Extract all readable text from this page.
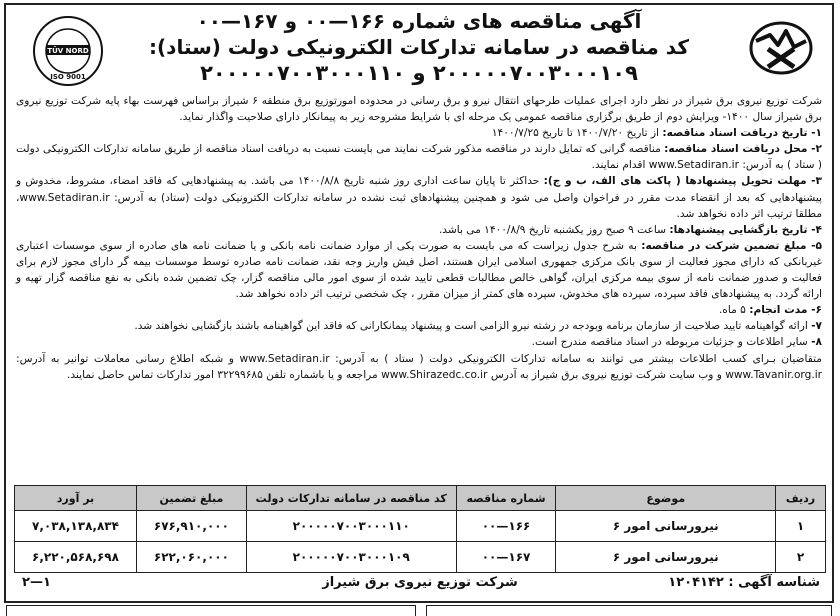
آگهی مناقصه های شماره ۱۶۶—۰۰ و ۱۶۷—۰۰
کد مناقصه در سامانه تدارکات الکترونیکی دولت (ستاد):
۲۰۰۰۰۰۷۰۰۳۰۰۰۱۰۹ و ۲۰۰۰۰۰۷۰۰۳۰۰۰۱۱۰
TÜV NORD
ISO 9001

شرکت توزیع نیروی برق شیراز در نظر دارد اجرای عملیات طرحهای انتقال نیرو و برق رسانی در محدوده امورتوزیع برق منطقه ۶ شیراز براساس فهرست بهاء پایه شرکت توزیع نیروی برق شیراز سال ۱۴۰۰- ویرایش دوم از طریق برگزاری مناقصه عمومی یک مرحله ای با شرایط مشروحه زیر به پیمانکار دارای صلاحیت واگذار نماید.

۱- تاریخ دریافت اسناد مناقصه: از تاریخ ۱۴۰۰/۷/۲۰ تا تاریخ ۱۴۰۰/۷/۲۵

۲- محل دریافت اسناد مناقصه: مناقصه گرانی که تمایل دارند در مناقصه مذکور شرکت نمایند می بایست نسبت به دریافت اسناد مناقصه از طریق سامانه تدارکات الکترونیکی دولت ( ستاد ) به آدرس: www.Setadiran.ir اقدام نمایند.

۳- مهلت تحویل پیشنهادها ( پاکت های الف، ب و ج): حداکثر تا پایان ساعت اداری روز شنبه تاریخ ۱۴۰۰/۸/۸ می باشد. به پیشنهادهایی که فاقد امضاء، مشروط، مخدوش و پیشنهادهایی که بعد از انقضاء مدت مقرر در فراخوان واصل می شود و همچنین پیشنهادهای ثبت نشده در سامانه تدارکات الکترونیکی دولت (ستاد) به آدرس: www.Setadiran.ir، مطلقا ترتیب اثر داده نخواهد شد.

۴- تاریخ بازگشایی پیشنهادها: ساعت ۹ صبح روز یکشنبه تاریخ ۱۴۰۰/۸/۹ می باشد.

۵- مبلغ تضمین شرکت در مناقصه: به شرح جدول زیراست که می بایست به صورت یکی از موارد ضمانت نامه بانکی و یا ضمانت نامه های صادره از سوی موسسات اعتباری غیربانکی که دارای مجوز فعالیت از سوی بانک مرکزی جمهوری اسلامی ایران هستند، اصل فیش واریز وجه نقد، ضمانت نامه صادره توسط موسسات بیمه گر دارای مجوز لازم برای فعالیت و صدور ضمانت نامه از سوی بیمه مرکزی ایران، گواهی خالص مطالبات قطعی تایید شده از سوی امور مالی مناقصه گزار، چک تضمین شده بانکی به نفع مناقصه گزار تهیه و ارائه گردد. به پیشنهادهای فاقد سپرده، سپرده های مخدوش، سپرده های کمتر از میزان مقرر ، چک شخصی ترتیب اثر داده نخواهد شد.

۶- مدت انجام: ۵ ماه.

۷- ارائه گواهینامه تایید صلاحیت از سازمان برنامه وبودجه در رشته نیرو الزامی است و پیشنهاد پیمانکارانی که فاقد این گواهینامه باشند بازگشایی نخواهند شد.

۸- سایر اطلاعات و جزئیات مربوطه در اسناد مناقصه مندرج است.

متقاضیان بـرای کسب اطلاعات بیشتر می توانند به سامانه تدارکات الکترونیکی دولت ( ستاد ) به آدرس: www.Setadiran.ir و شبکه اطلاع رسانی معاملات توانیر به آدرس: www.Tavanir.org.ir و وب سایت شرکت توزیع نیروی برق شیراز به آدرس www.Shirazedc.co.ir مراجعه و یا باشماره تلفن ۳۲۲۹۹۶۸۵ امور تدارکات تماس حاصل نمایند.

ردیف	موضوع	شماره مناقصه	کد مناقصه در سامانه تدارکات دولت	مبلغ تضمین	بر آورد
۱	نیرورسانی امور ۶	۱۶۶—۰۰	۲۰۰۰۰۰۷۰۰۳۰۰۰۱۱۰	۶۷۶,۹۱۰,۰۰۰	۷,۰۳۸,۱۳۸,۸۳۴
۲	نیرورسانی امور ۶	۱۶۷—۰۰	۲۰۰۰۰۰۷۰۰۳۰۰۰۱۰۹	۶۲۲,۰۶۰,۰۰۰	۶,۲۲۰,۵۶۸,۶۹۸
شناسه آگهی : ۱۲۰۴۱۴۲
شرکت توزیع نیروی برق شیراز
۱—۲
